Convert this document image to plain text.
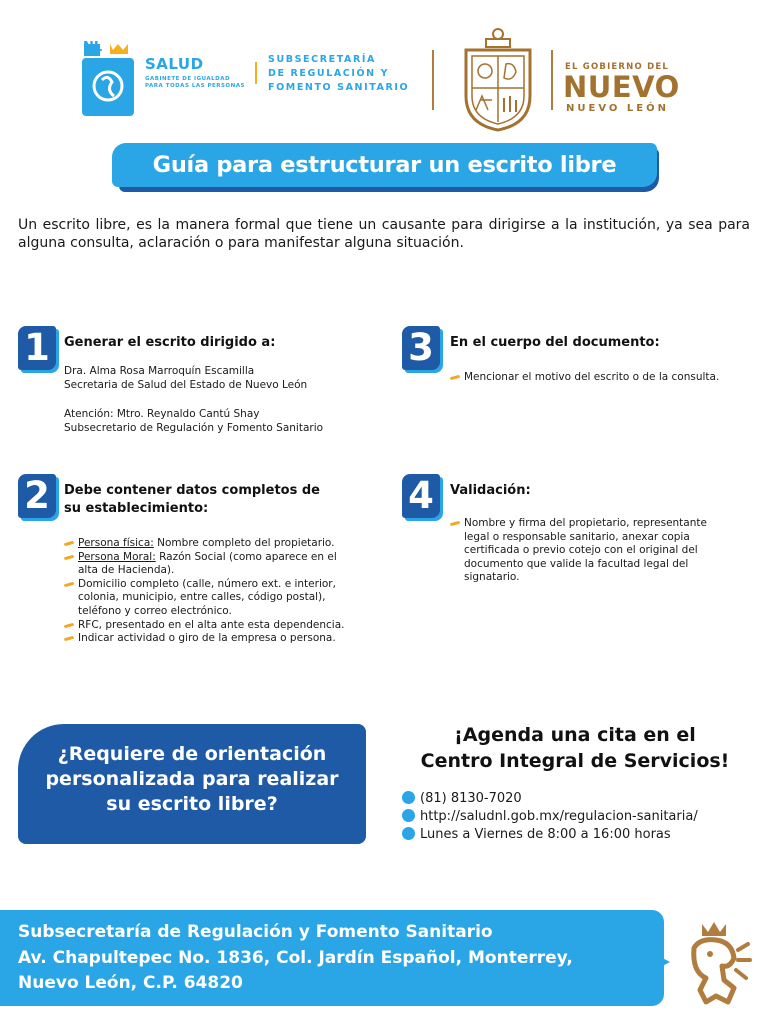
NL
SALUD
GABINETE DE IGUALDAD
PARA TODAS LAS PERSONAS
SUBSECRETARÍA
DE REGULACIÓN Y
FOMENTO SANITARIO
EL GOBIERNO DEL
NUEVO
NUEVO LEÓN
Guía para estructurar un escrito libre
Un escrito libre, es la manera formal que tiene un causante para dirigirse a la institución, ya sea para alguna consulta, aclaración o para manifestar alguna situación.
1	Generar el escrito dirigido a:
Dra. Alma Rosa Marroquín Escamilla
Secretaria de Salud del Estado de Nuevo León
Atención: Mtro. Reynaldo Cantú Shay
Subsecretario de Regulación y Fomento Sanitario
2	Debe contener datos completos de
su establecimiento:
Persona física: Nombre completo del propietario.
Persona Moral: Razón Social (como aparece en el
alta de Hacienda).
Domicilio completo (calle, número ext. e interior,
colonia, municipio, entre calles, código postal),
teléfono y correo electrónico.
RFC, presentado en el alta ante esta dependencia.
Indicar actividad o giro de la empresa o persona.
3	En el cuerpo del documento:
Mencionar el motivo del escrito o de la consulta.
4	Validación:
Nombre y firma del propietario, representante
legal o responsable sanitario, anexar copia
certificada o previo cotejo con el original del
documento que valide la facultad legal del
signatario.
¿Requiere de orientación
personalizada para realizar
su escrito libre?
¡Agenda una cita en el
Centro Integral de Servicios!
(81) 8130-7020
http://saludnl.gob.mx/regulacion-sanitaria/
Lunes a Viernes de 8:00 a 16:00 horas
Subsecretaría de Regulación y Fomento Sanitario
Av. Chapultepec No. 1836, Col. Jardín Español, Monterrey,
Nuevo León, C.P. 64820
